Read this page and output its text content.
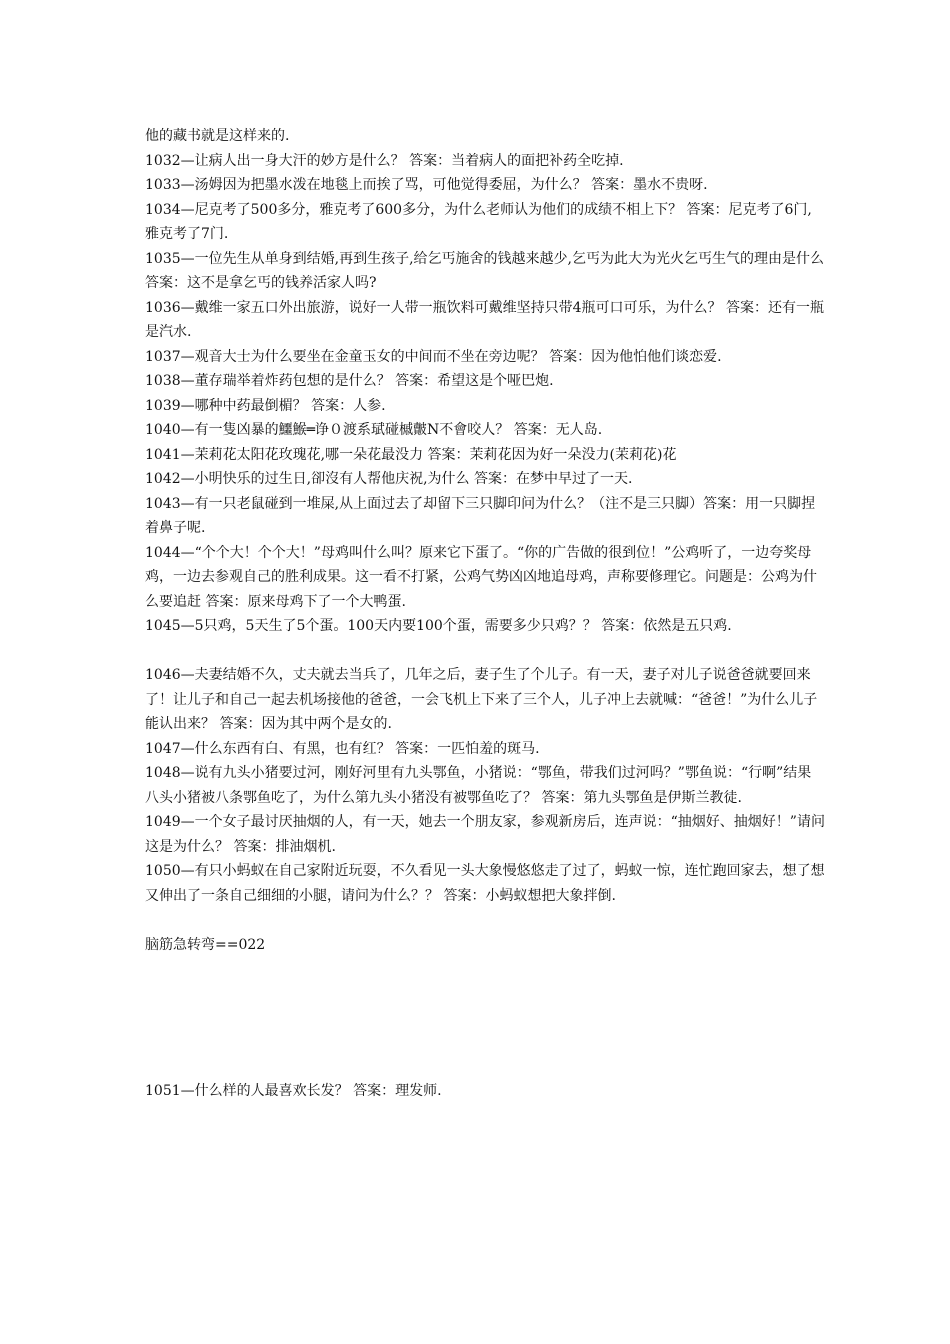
他的藏书就是这样来的.
1032—让病人出一身大汗的妙方是什么？ 答案：当着病人的面把补药全吃掉.
1033—汤姆因为把墨水泼在地毯上而挨了骂，可他觉得委屈，为什么？ 答案：墨水不贵呀.
1034—尼克考了500多分，雅克考了600多分，为什么老师认为他们的成绩不相上下？ 答案：尼克考了6门,雅克考了7门.
1035—一位先生从单身到结婚,再到生孩子,给乞丐施舍的钱越来越少,乞丐为此大为光火乞丐生气的理由是什么 答案：这不是拿乞丐的钱养活家人吗?
1036—戴维一家五口外出旅游，说好一人带一瓶饮料可戴维坚持只带4瓶可口可乐，为什么？ 答案：还有一瓶是汽水.
1037—观音大士为什么要坐在金童玉女的中间而不坐在旁边呢？ 答案：因为他怕他们谈恋爱.
1038—董存瑞举着炸药包想的是什么？ 答案：希望这是个哑巴炮.
1039—哪种中药最倒楣？ 答案：人参.
1040—有一隻凶暴的鱷鯸═诤０渡系珷碰槭皾N不會咬人？ 答案：无人岛.
1041—茉莉花太阳花玫瑰花,哪一朵花最没力 答案：茉莉花因为好一朵没力(茉莉花)花
1042—小明快乐的过生日,卻沒有人帮他庆祝,为什么 答案：在梦中早过了一天.
1043—有一只老鼠碰到一堆屎,从上面过去了却留下三只脚印问为什么？（注不是三只脚）答案：用一只脚捏着鼻子呢.
1044—“个个大！个个大！”母鸡叫什么叫？原来它下蛋了。“你的广告做的很到位！”公鸡听了，一边夸奖母鸡，一边去参观自己的胜利成果。这一看不打紧，公鸡气势凶凶地追母鸡，声称要修理它。问题是：公鸡为什么要追赶 答案：原来母鸡下了一个大鸭蛋.
1045—5只鸡，5天生了5个蛋。100天内要100个蛋，需要多少只鸡？？ 答案：依然是五只鸡.
1046—夫妻结婚不久，丈夫就去当兵了，几年之后，妻子生了个儿子。有一天，妻子对儿子说爸爸就要回来了！让儿子和自己一起去机场接他的爸爸，一会飞机上下来了三个人，儿子冲上去就喊：“爸爸！”为什么儿子能认出来？ 答案：因为其中两个是女的.
1047—什么东西有白、有黑，也有红？ 答案：一匹怕羞的斑马.
1048—说有九头小猪要过河，刚好河里有九头鄂鱼，小猪说：“鄂鱼，带我们过河吗？”鄂鱼说：“行啊”结果八头小猪被八条鄂鱼吃了，为什么第九头小猪没有被鄂鱼吃了？ 答案：第九头鄂鱼是伊斯兰教徒.
1049—一个女子最讨厌抽烟的人，有一天，她去一个朋友家，参观新房后，连声说：“抽烟好、抽烟好！”请问这是为什么？ 答案：排油烟机.
1050—有只小蚂蚁在自己家附近玩耍，不久看见一头大象慢悠悠走了过了，蚂蚁一惊，连忙跑回家去，想了想又伸出了一条自己细细的小腿，请问为什么？？ 答案：小蚂蚁想把大象拌倒.
脑筋急转弯==022
1051—什么样的人最喜欢长发？ 答案：理发师.
